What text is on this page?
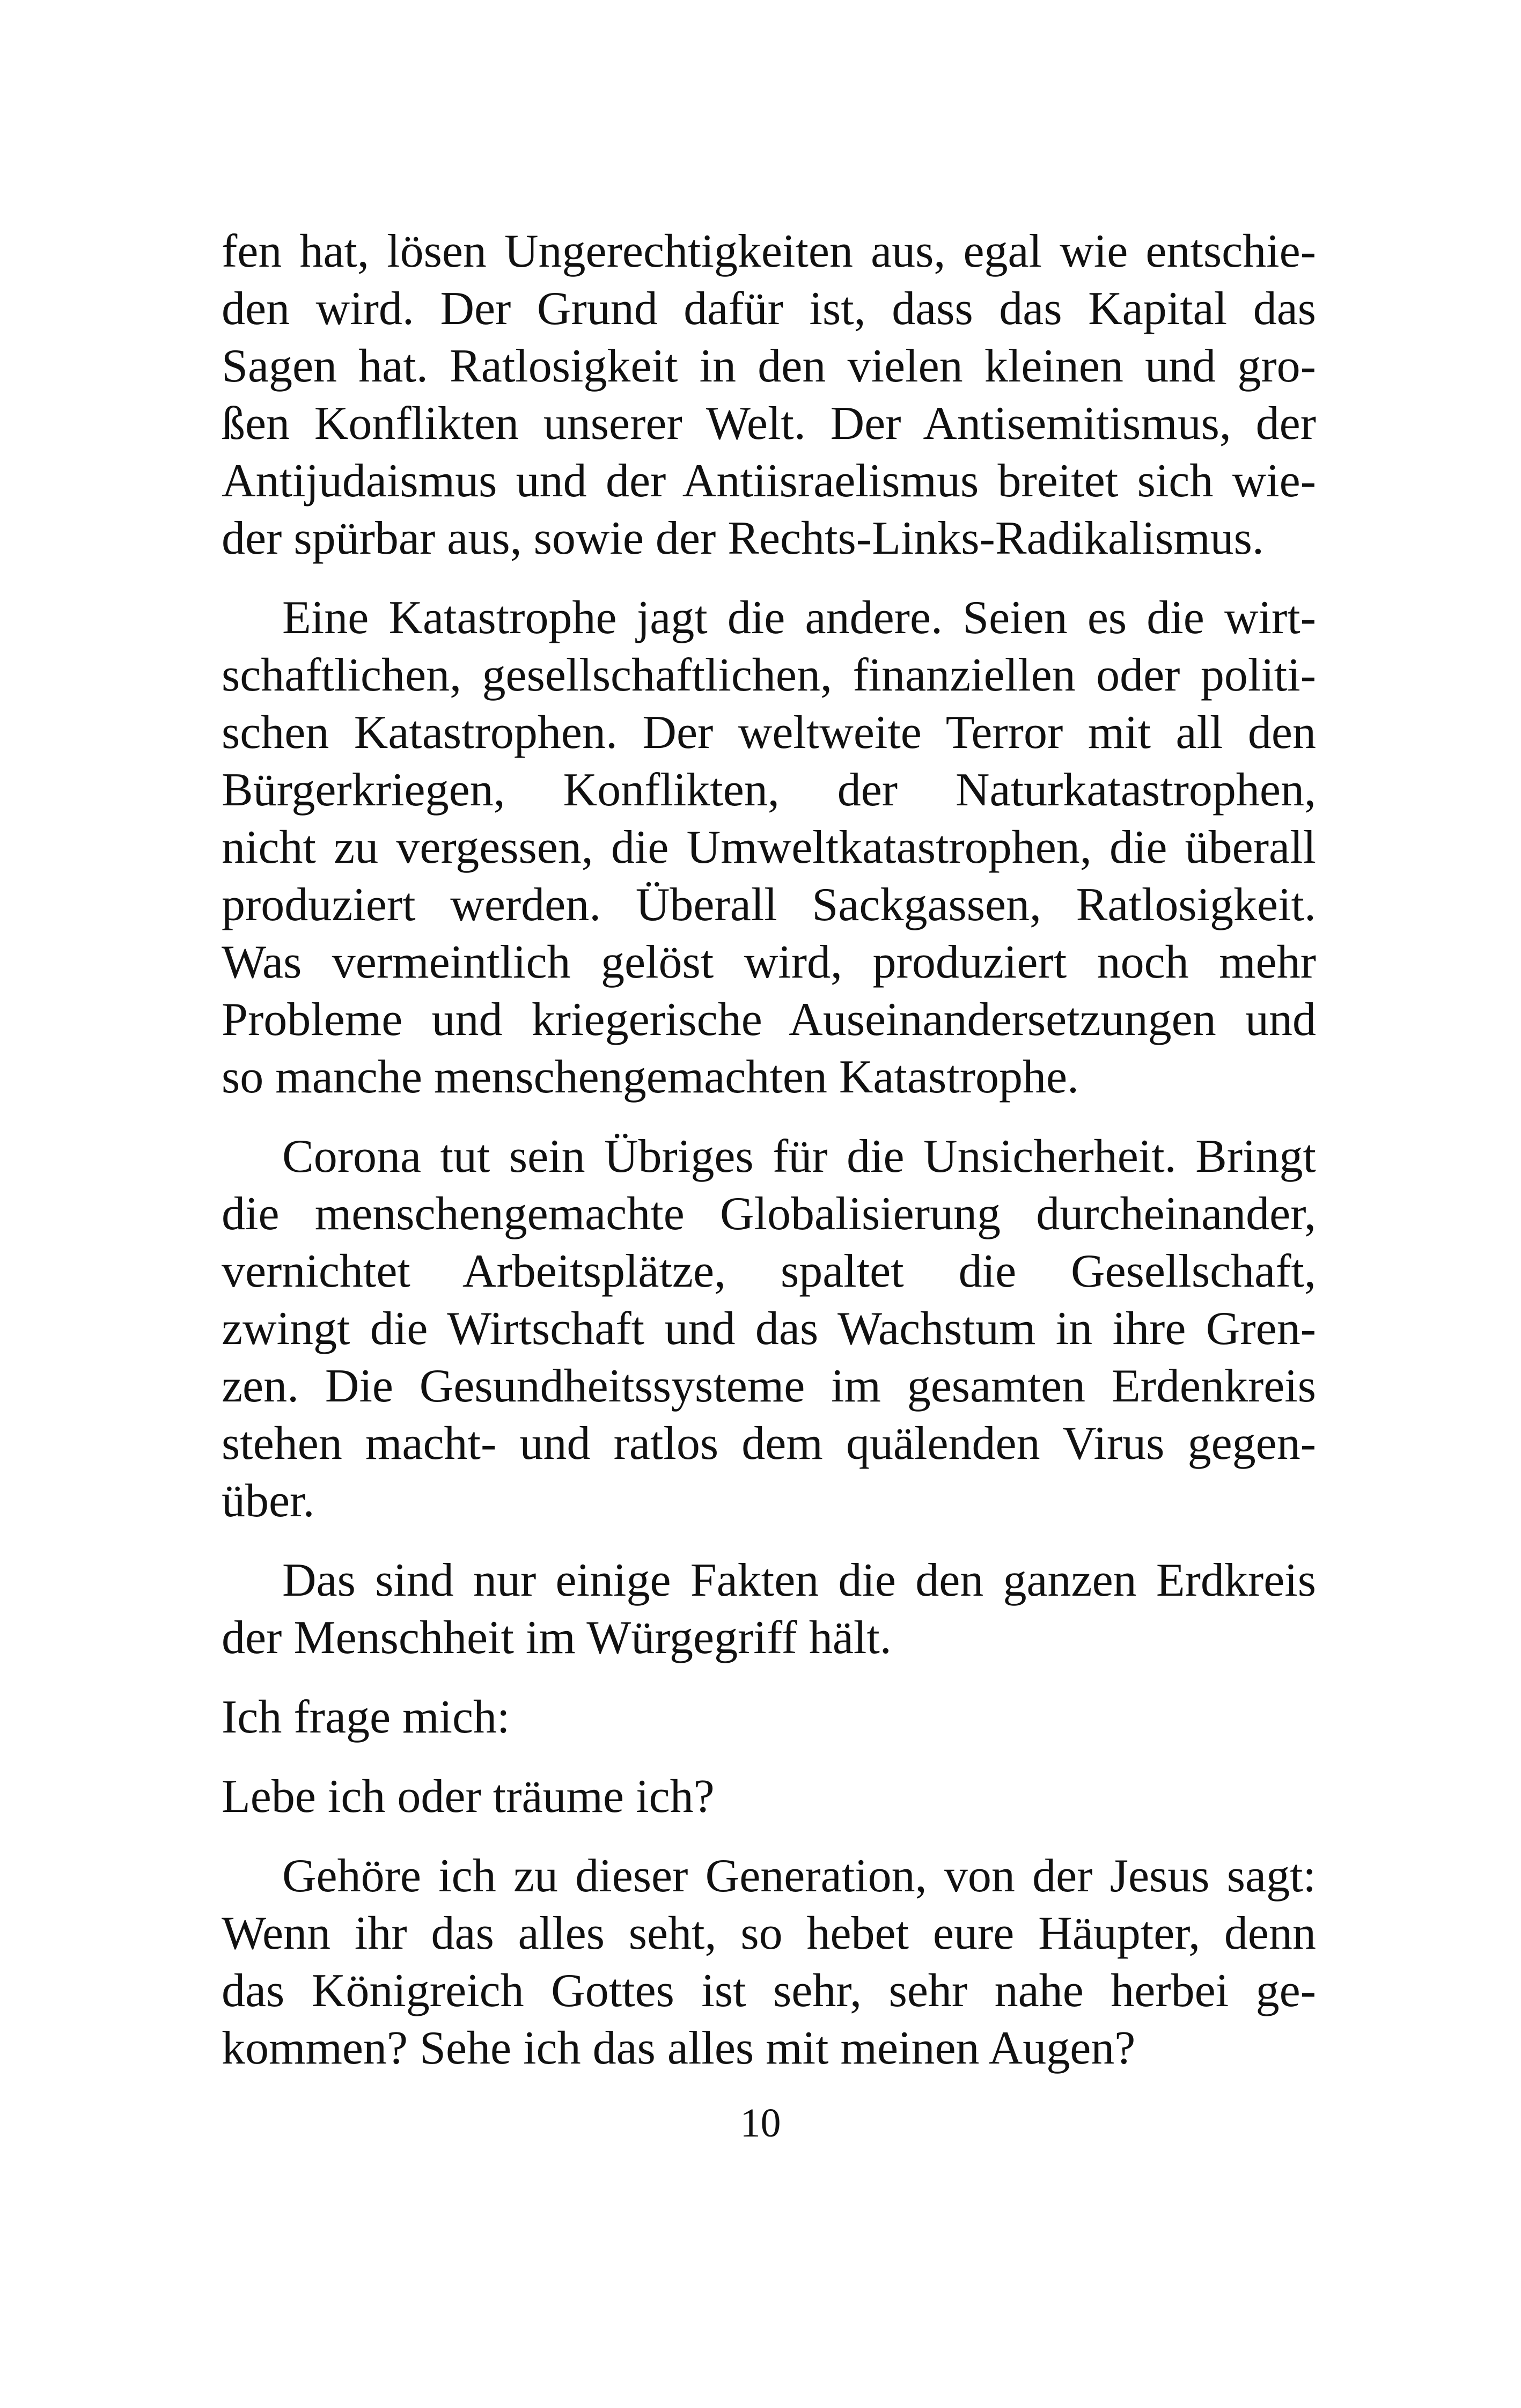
fen hat, lösen Ungerechtigkeiten aus, egal wie entschie-
den wird. Der Grund dafür ist, dass das Kapital das
Sagen hat. Ratlosigkeit in den vielen kleinen und gro-
ßen Konflikten unserer Welt. Der Antisemitismus, der
Antijudaismus und der Antiisraelismus breitet sich wie-
der spürbar aus, sowie der Rechts-Links-Radikalismus.
Eine Katastrophe jagt die andere. Seien es die wirt-
schaftlichen, gesellschaftlichen, finanziellen oder politi-
schen Katastrophen. Der weltweite Terror mit all den
Bürgerkriegen, Konflikten, der Naturkatastrophen,
nicht zu vergessen, die Umweltkatastrophen, die überall
produziert werden. Überall Sackgassen, Ratlosigkeit.
Was vermeintlich gelöst wird, produziert noch mehr
Probleme und kriegerische Auseinandersetzungen und
so manche menschengemachten Katastrophe.
Corona tut sein Übriges für die Unsicherheit. Bringt
die menschengemachte Globalisierung durcheinander,
vernichtet Arbeitsplätze, spaltet die Gesellschaft,
zwingt die Wirtschaft und das Wachstum in ihre Gren-
zen. Die Gesundheitssysteme im gesamten Erdenkreis
stehen macht- und ratlos dem quälenden Virus gegen-
über.
Das sind nur einige Fakten die den ganzen Erdkreis
der Menschheit im Würgegriff hält.
Ich frage mich:
Lebe ich oder träume ich?
Gehöre ich zu dieser Generation, von der Jesus sagt:
Wenn ihr das alles seht, so hebet eure Häupter, denn
das Königreich Gottes ist sehr, sehr nahe herbei ge-
kommen? Sehe ich das alles mit meinen Augen?
10
